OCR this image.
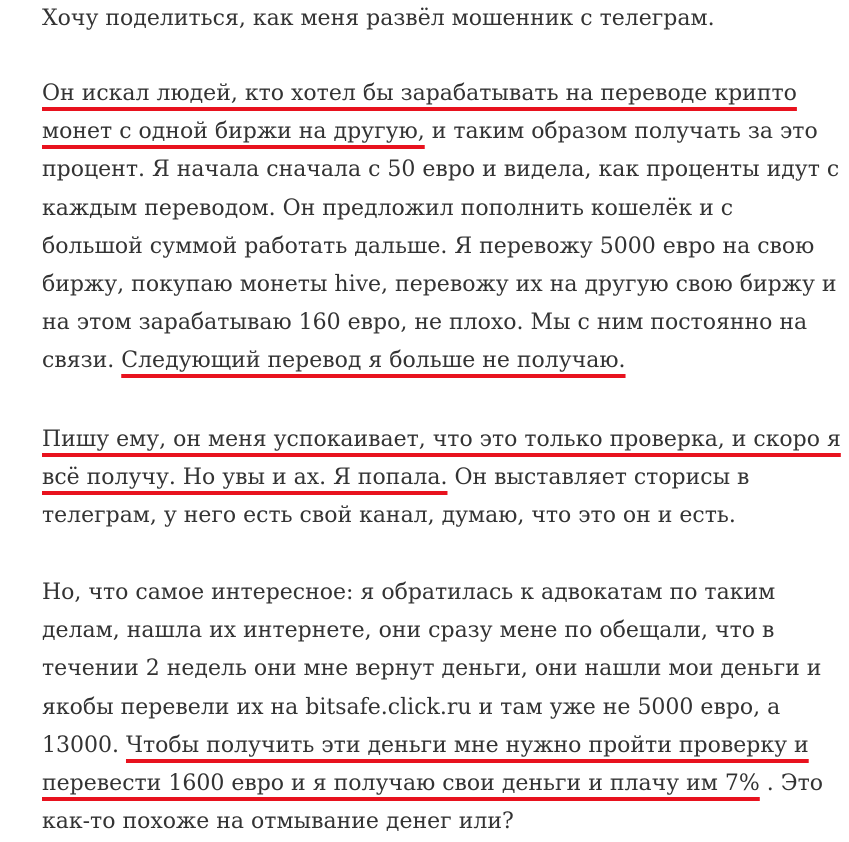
Хочу поделиться, как меня развёл мошенник с телеграм.
Он искал людей, кто хотел бы зарабатывать на переводе крипто
монет с одной биржи на другую, и таким образом получать за это
процент. Я начала сначала с 50 евро и видела, как проценты идут с
каждым переводом. Он предложил пополнить кошелёк и с
большой суммой работать дальше. Я перевожу 5000 евро на свою
биржу, покупаю монеты hive, перевожу их на другую свою биржу и
на этом зарабатываю 160 евро, не плохо. Мы с ним постоянно на
связи. Следующий перевод я больше не получаю.
Пишу ему, он меня успокаивает, что это только проверка, и скоро я
всё получу. Но увы и ах. Я попала. Он выставляет сторисы в
телеграм, у него есть свой канал, думаю, что это он и есть.
Но, что самое интересное: я обратилась к адвокатам по таким
делам, нашла их интернете, они сразу мене по обещали, что в
течении 2 недель они мне вернут деньги, они нашли мои деньги и
якобы перевели их на bitsafe.click.ru и там уже не 5000 евро, а
13000. Чтобы получить эти деньги мне нужно пройти проверку и
перевести 1600 евро и я получаю свои деньги и плачу им 7% . Это
как-то похоже на отмывание денег или?
